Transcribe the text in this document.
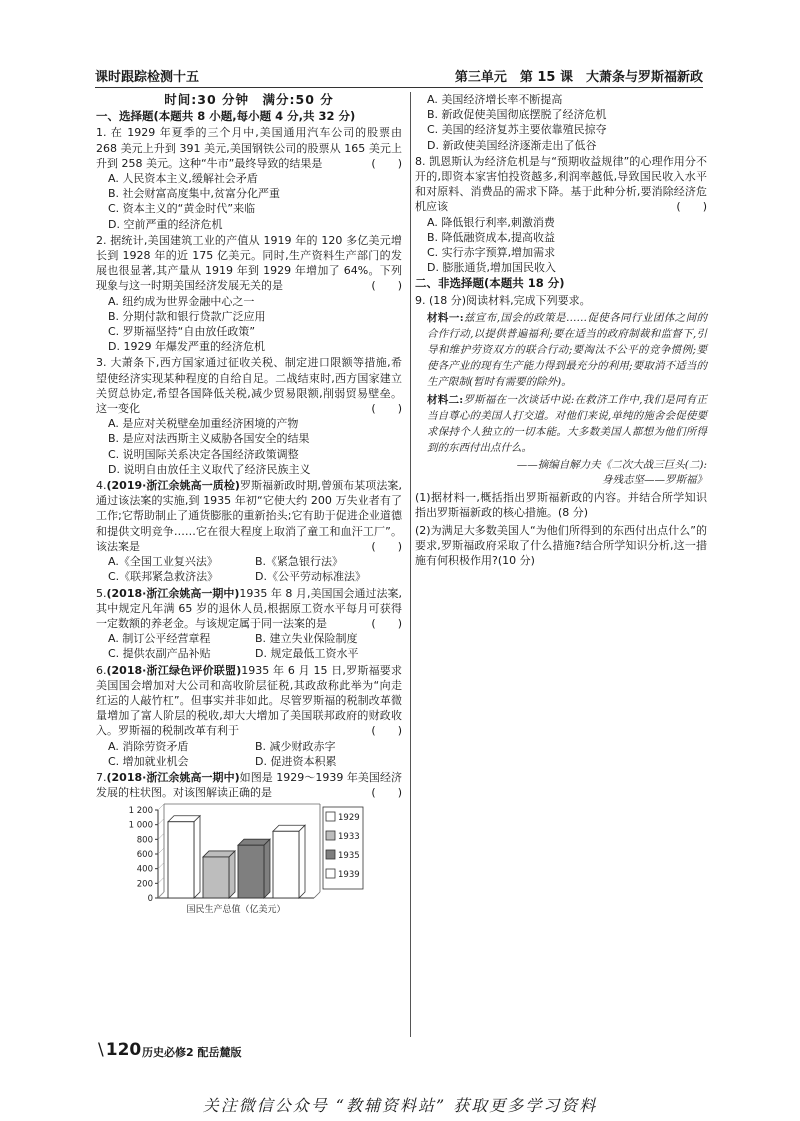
课时跟踪检测十五	第三单元　第 15 课　大萧条与罗斯福新政
时间:30 分钟　满分:50 分
一、选择题(本题共 8 小题,每小题 4 分,共 32 分)
1. 在 1929 年夏季的三个月中,美国通用汽车公司的股票由 268 美元上升到 391 美元,美国钢铁公司的股票从 165 美元上升到 258 美元。这种“牛市”最终导致的结果是	(　　)
A. 人民资本主义,缓解社会矛盾
B. 社会财富高度集中,贫富分化严重
C. 资本主义的“黄金时代”来临
D. 空前严重的经济危机
2. 据统计,美国建筑工业的产值从 1919 年的 120 多亿美元增长到 1928 年的近 175 亿美元。同时,生产资料生产部门的发展也很显著,其产量从 1919 年到 1929 年增加了 64%。下列现象与这一时期美国经济发展无关的是	(　　)
A. 纽约成为世界金融中心之一
B. 分期付款和银行贷款广泛应用
C. 罗斯福坚持“自由放任政策”
D. 1929 年爆发严重的经济危机
3. 大萧条下,西方国家通过征收关税、制定进口限额等措施,希望使经济实现某种程度的自给自足。二战结束时,西方国家建立关贸总协定,希望各国降低关税,减少贸易限额,削弱贸易壁垒。这一变化	(　　)
A. 是应对关税壁垒加重经济困境的产物
B. 是应对法西斯主义威胁各国安全的结果
C. 说明国际关系决定各国经济政策调整
D. 说明自由放任主义取代了经济民族主义
4.(2019·浙江余姚高一质检)罗斯福新政时期,曾颁布某项法案,通过该法案的实施,到 1935 年初“它使大约 200 万失业者有了工作;它帮助制止了通货膨胀的重新抬头;它有助于促进企业道德和提供文明竞争……它在很大程度上取消了童工和血汗工厂”。该法案是	(　　)
A.《全国工业复兴法》	B.《紧急银行法》
C.《联邦紧急救济法》	D.《公平劳动标准法》
5.(2018·浙江余姚高一期中)1935 年 8 月,美国国会通过法案,其中规定凡年满 65 岁的退休人员,根据原工资水平每月可获得一定数额的养老金。与该规定属于同一法案的是	(　　)
A. 制订公平经营章程	B. 建立失业保险制度
C. 提供农副产品补贴	D. 规定最低工资水平
6.(2018·浙江绿色评价联盟)1935 年 6 月 15 日,罗斯福要求美国国会增加对大公司和高收阶层征税,其政敌称此举为“向走红运的人敲竹杠”。但事实并非如此。尽管罗斯福的税制改革微量增加了富人阶层的税收,却大大增加了美国联邦政府的财政收入。罗斯福的税制改革有利于	(　　)
A. 消除劳资矛盾	B. 减少财政赤字
C. 增加就业机会	D. 促进资本积累
7.(2018·浙江余姚高一期中)如图是 1929～1939 年美国经济发展的柱状图。对该图解读正确的是	(　　)
0
200
400
600
800
1 000
1 200
1929
1933
1935
1939
国民生产总值（亿美元）
A. 美国经济增长率不断提高
B. 新政促使美国彻底摆脱了经济危机
C. 美国的经济复苏主要依靠殖民掠夺
D. 新政使美国经济逐渐走出了低谷
8. 凯恩斯认为经济危机是与“预期收益规律”的心理作用分不开的,即资本家害怕投资越多,利润率越低,导致国民收入水平和对原料、消费品的需求下降。基于此种分析,要消除经济危机应该	(　　)
A. 降低银行利率,刺激消费
B. 降低融资成本,提高收益
C. 实行赤字预算,增加需求
D. 膨胀通货,增加国民收入
二、非选择题(本题共 18 分)
9. (18 分)阅读材料,完成下列要求。
材料一:兹宣布,国会的政策是……促使各同行业团体之间的合作行动,以提供普遍福利;要在适当的政府制裁和监督下,引导和维护劳资双方的联合行动;要淘汰不公平的竞争惯例;要使各产业的现有生产能力得到最充分的利用;要取消不适当的生产限制(暂时有需要的除外)。
材料二:罗斯福在一次谈话中说:在救济工作中,我们是同有正当自尊心的美国人打交道。对他们来说,单纯的施舍会促使要求保持个人独立的一切本能。大多数美国人都想为他们所得到的东西付出点什么。
——摘编自解力夫《二次大战三巨头(二):
身残志坚——罗斯福》
(1)据材料一,概括指出罗斯福新政的内容。并结合所学知识指出罗斯福新政的核心措施。(8 分)
(2)为满足大多数美国人“为他们所得到的东西付出点什么”的要求,罗斯福政府采取了什么措施?结合所学知识分析,这一措施有何积极作用?(10 分)
\ 120 历史必修2 配岳麓版
关注微信公众号 “教辅资料站” 获取更多学习资料
